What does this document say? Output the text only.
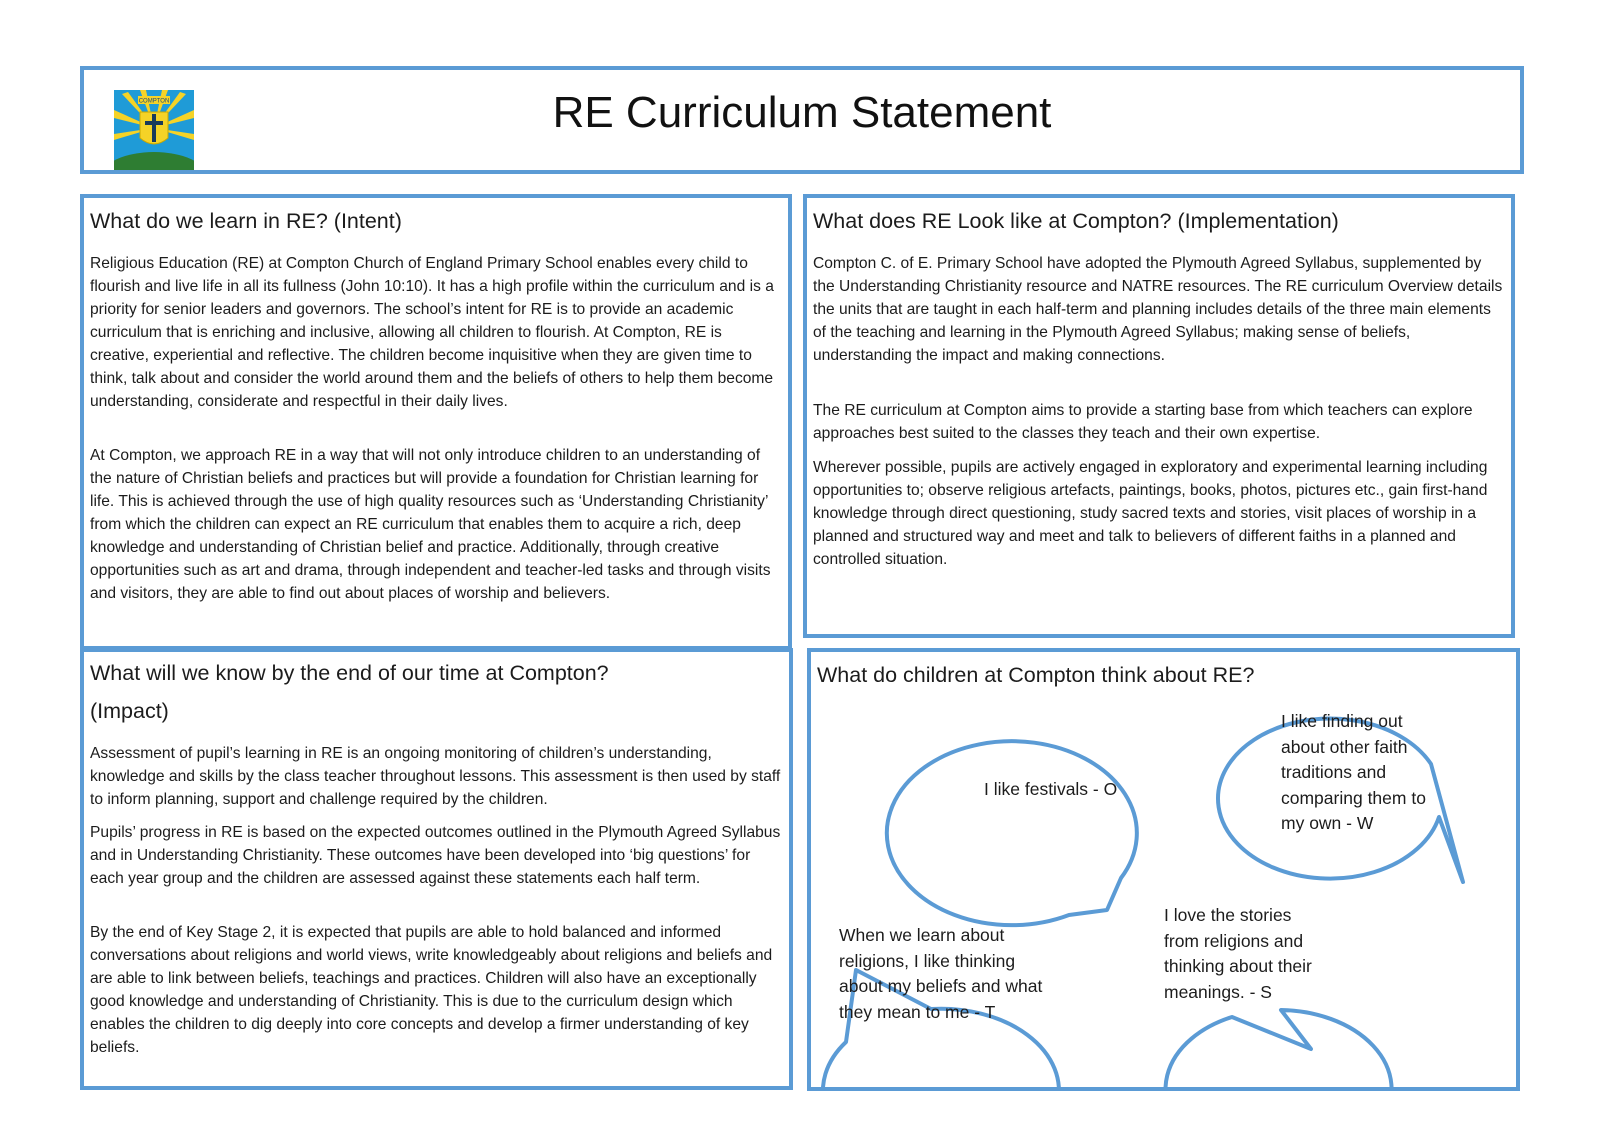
COMPTON	RE Curriculum Statement
What do we learn in RE? (Intent)

Religious Education (RE) at Compton Church of England Primary School enables every child to flourish and live life in all its fullness (John 10:10). It has a high profile within the curriculum and is a priority for senior leaders and governors. The school’s intent for RE is to provide an academic curriculum that is enriching and inclusive, allowing all children to flourish. At Compton, RE is creative, experiential and reflective. The children become inquisitive when they are given time to think, talk about and consider the world around them and the beliefs of others to help them become understanding, considerate and respectful in their daily lives.

At Compton, we approach RE in a way that will not only introduce children to an understanding of the nature of Christian beliefs and practices but will provide a foundation for Christian learning for life. This is achieved through the use of high quality resources such as ‘Understanding Christianity’ from which the children can expect an RE curriculum that enables them to acquire a rich, deep knowledge and understanding of Christian belief and practice. Additionally, through creative opportunities such as art and drama, through independent and teacher-led tasks and through visits and visitors, they are able to find out about places of worship and believers.

What does RE Look like at Compton? (Implementation)

Compton C. of E. Primary School have adopted the Plymouth Agreed Syllabus, supplemented by the Understanding Christianity resource and NATRE resources. The RE curriculum Overview details the units that are taught in each half-term and planning includes details of the three main elements of the teaching and learning in the Plymouth Agreed Syllabus; making sense of beliefs, understanding the impact and making connections.

The RE curriculum at Compton aims to provide a starting base from which teachers can explore approaches best suited to the classes they teach and their own expertise.

Wherever possible, pupils are actively engaged in exploratory and experimental learning including opportunities to; observe religious artefacts, paintings, books, photos, pictures etc., gain first-hand knowledge through direct questioning, study sacred texts and stories, visit places of worship in a planned and structured way and meet and talk to believers of different faiths in a planned and controlled situation.

What will we know by the end of our time at Compton?
(Impact)

Assessment of pupil’s learning in RE is an ongoing monitoring of children’s understanding, knowledge and skills by the class teacher throughout lessons. This assessment is then used by staff to inform planning, support and challenge required by the children.

Pupils’ progress in RE is based on the expected outcomes outlined in the Plymouth Agreed Syllabus and in Understanding Christianity. These outcomes have been developed into ‘big questions’ for each year group and the children are assessed against these statements each half term.

By the end of Key Stage 2, it is expected that pupils are able to hold balanced and informed conversations about religions and world views, write knowledgeably about religions and beliefs and are able to link between beliefs, teachings and practices. Children will also have an exceptionally good knowledge and understanding of Christianity. This is due to the curriculum design which enables the children to dig deeply into core concepts and develop a firmer understanding of key beliefs.

What do children at Compton think about RE?
I like festivals - O
I like finding out
about other faith
traditions and
comparing them to
my own - W
When we learn about
religions, I like thinking
about my beliefs and what
they mean to me - T
I love the stories
from religions and
thinking about their
meanings. - S
